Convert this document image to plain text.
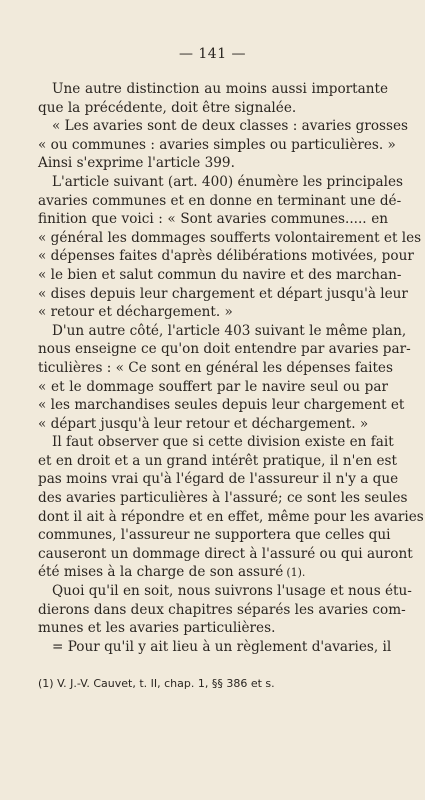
— 141 —
Une autre distinction au moins aussi importante
que la précédente, doit être signalée.
« Les avaries sont de deux classes : avaries grosses
« ou communes : avaries simples ou particulières. »
Ainsi s'exprime l'article 399.
L'article suivant (art. 400) énumère les principales
avaries communes et en donne en terminant une dé-
finition que voici : « Sont avaries communes..... en
« général les dommages soufferts volontairement et les
« dépenses faites d'après délibérations motivées, pour
« le bien et salut commun du navire et des marchan-
« dises depuis leur chargement et départ jusqu'à leur
« retour et déchargement. »
D'un autre côté, l'article 403 suivant le même plan,
nous enseigne ce qu'on doit entendre par avaries par-
ticulières : « Ce sont en général les dépenses faites
« et le dommage souffert par le navire seul ou par
« les marchandises seules depuis leur chargement et
« départ jusqu'à leur retour et déchargement. »
Il faut observer que si cette division existe en fait
et en droit et a un grand intérêt pratique, il n'en est
pas moins vrai qu'à l'égard de l'assureur il n'y a que
des avaries particulières à l'assuré; ce sont les seules
dont il ait à répondre et en effet, même pour les avaries
communes, l'assureur ne supportera que celles qui
causeront un dommage direct à l'assuré ou qui auront
été mises à la charge de son assuré (1).
Quoi qu'il en soit, nous suivrons l'usage et nous étu-
dierons dans deux chapitres séparés les avaries com-
munes et les avaries particulières.
= Pour qu'il y ait lieu à un règlement d'avaries, il
(1) V. J.-V. Cauvet, t. II, chap. 1, §§ 386 et s.
